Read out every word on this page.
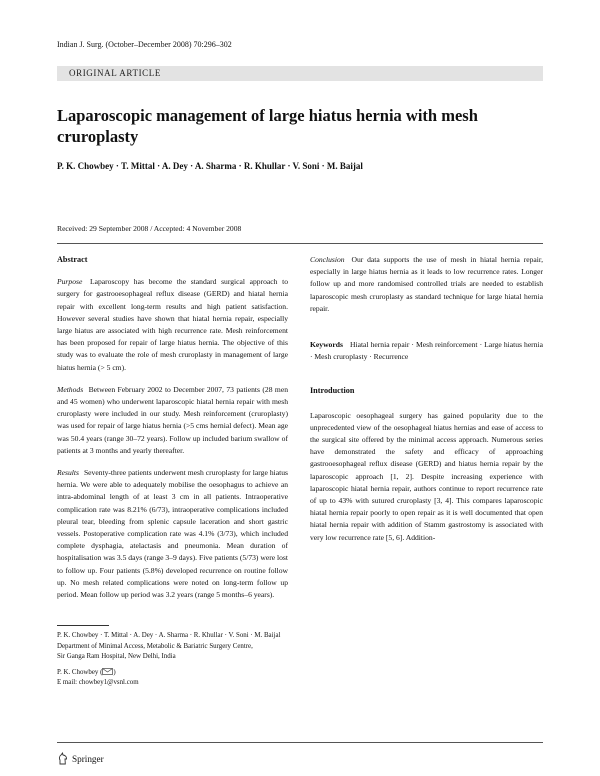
Indian J. Surg. (October–December 2008) 70:296–302
ORIGINAL ARTICLE
Laparoscopic management of large hiatus hernia with mesh cruroplasty
P. K. Chowbey · T. Mittal · A. Dey · A. Sharma · R. Khullar · V. Soni · M. Baijal
Received: 29 September 2008 / Accepted: 4 November 2008
Abstract

Purpose Laparoscopy has become the standard surgical approach to surgery for gastrooesophageal reflux disease (GERD) and hiatal hernia repair with excellent long-term results and high patient satisfaction. However several studies have shown that hiatal hernia repair, especially large hiatus are associated with high recurrence rate. Mesh reinforcement has been proposed for repair of large hiatus hernia. The objective of this study was to evaluate the role of mesh cruroplasty in management of large hiatus hernia (> 5 cm).

Methods Between February 2002 to December 2007, 73 patients (28 men and 45 women) who underwent laparoscopic hiatal hernia repair with mesh cruroplasty were included in our study. Mesh reinforcement (cruroplasty) was used for repair of large hiatus hernia (>5 cms hernial defect). Mean age was 50.4 years (range 30–72 years). Follow up included barium swallow of patients at 3 months and yearly thereafter.

Results Seventy-three patients underwent mesh cruroplasty for large hiatus hernia. We were able to adequately mobilise the oesophagus to achieve an intra-abdominal length of at least 3 cm in all patients. Intraoperative complication rate was 8.21% (6/73), intraoperative complications included pleural tear, bleeding from splenic capsule laceration and short gastric vessels. Postoperative complication rate was 4.1% (3/73), which included complete dysphagia, atelactasis and pneumonia. Mean duration of hospitalisation was 3.5 days (range 3–9 days). Five patients (5/73) were lost to follow up. Four patients (5.8%) developed recurrence on routine follow up. No mesh related complications were noted on long-term follow up period. Mean follow up period was 3.2 years (range 5 months–6 years).

Conclusion Our data supports the use of mesh in hiatal hernia repair, especially in large hiatus hernia as it leads to low recurrence rates. Longer follow up and more randomised controlled trials are needed to establish laparoscopic mesh cruroplasty as standard technique for large hiatal hernia repair.

Keywords Hiatal hernia repair · Mesh reinforcement · Large hiatus hernia · Mesh cruroplasty · Recurrence

Introduction

Laparoscopic oesophageal surgery has gained popularity due to the unprecedented view of the oesophageal hiatus hernias and ease of access to the surgical site offered by the minimal access approach. Numerous series have demonstrated the safety and efficacy of approaching gastrooesophageal reflux disease (GERD) and hiatus hernia repair by the laparoscopic approach [1, 2]. Despite increasing experience with laparoscopic hiatal hernia repair, authors continue to report recurrence rate of up to 43% with sutured cruroplasty [3, 4]. This compares laparoscopic hiatal hernia repair poorly to open repair as it is well documented that open hiatal hernia repair with addition of Stamm gastrostomy is associated with very low recurrence rate [5, 6]. Addition-

P. K. Chowbey · T. Mittal · A. Dey · A. Sharma · R. Khullar · V. Soni · M. Baijal
Department of Minimal Access, Metabolic & Bariatric Surgery Centre,
Sir Ganga Ram Hospital, New Delhi, India

P. K. Chowbey ( )
E mail: chowbey1@vsnl.com

Springer
